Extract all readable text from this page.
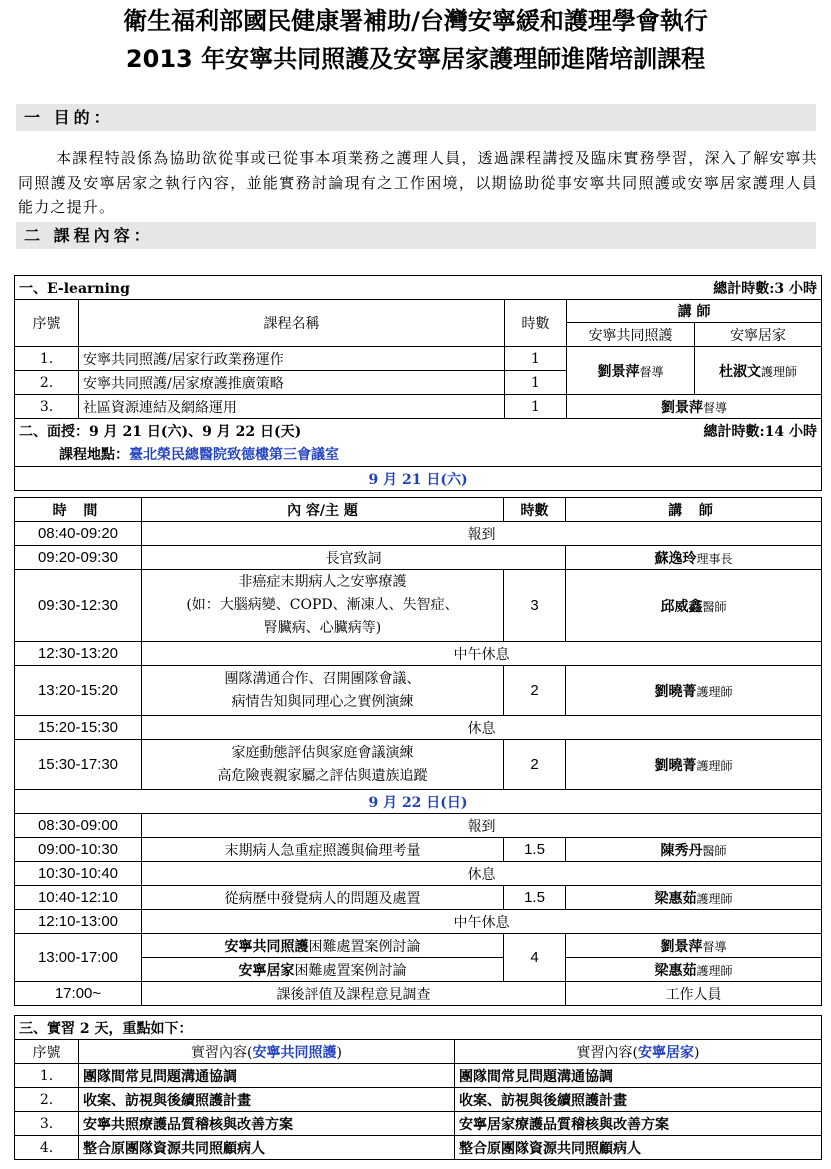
衛生福利部國民健康署補助/台灣安寧緩和護理學會執行
2013 年安寧共同照護及安寧居家護理師進階培訓課程
一 目的：
本課程特設係為協助欲從事或已從事本項業務之護理人員，透過課程講授及臨床實務學習，深入了解安寧共同照護及安寧居家之執行內容，並能實務討論現有之工作困境，以期協助從事安寧共同照護或安寧居家護理人員能力之提升。
二 課程內容：
一、E-learning		總計時數:3 小時		
序號	課程名稱	時數	講 師	
			安寧共同照護	安寧居家
1.	安寧共同照護/居家行政業務運作	1	劉景萍督導	杜淑文護理師
2.	安寧共同照護/居家療護推廣策略	1		
3.	社區資源連結及網絡運用	1	劉景萍督導	
二、面授：9 月 21 日(六)、9 月 22 日(天)			總計時數:14 小時	
課程地點：臺北榮民總醫院致德樓第三會議室				
9 月 21 日(六)				
時 間	內 容/主 題	時數	講 師
08:40-09:20	報到		
09:20-09:30	長官致詞		蘇逸玲理事長
09:30-12:30	非癌症末期病人之安寧療護
(如：大腦病變、COPD、漸凍人、失智症、
腎臟病、心臟病等)	3	邱威鑫醫師
12:30-13:20	中午休息		
13:20-15:20	團隊溝通合作、召開團隊會議、
病情告知與同理心之實例演練	2	劉曉菁護理師
15:20-15:30	休息		
15:30-17:30	家庭動態評估與家庭會議演練
高危險喪親家屬之評估與遺族追蹤	2	劉曉菁護理師
9 月 22 日(日)			
08:30-09:00	報到		
09:00-10:30	末期病人急重症照護與倫理考量	1.5	陳秀丹醫師
10:30-10:40	休息		
10:40-12:10	從病歷中發覺病人的問題及處置	1.5	梁惠茹護理師
12:10-13:00	中午休息		
13:00-17:00	安寧共同照護困難處置案例討論	4	劉景萍督導
	安寧居家困難處置案例討論		梁惠茹護理師
17:00~	課後評值及課程意見調查		工作人員
三、實習 2 天，重點如下：		
序號	實習內容(安寧共同照護)	實習內容(安寧居家)
1.	團隊間常見問題溝通協調	團隊間常見問題溝通協調
2.	收案、訪視與後續照護計畫	收案、訪視與後續照護計畫
3.	安寧共照療護品質稽核與改善方案	安寧居家療護品質稽核與改善方案
4.	整合原團隊資源共同照顧病人	整合原團隊資源共同照顧病人
